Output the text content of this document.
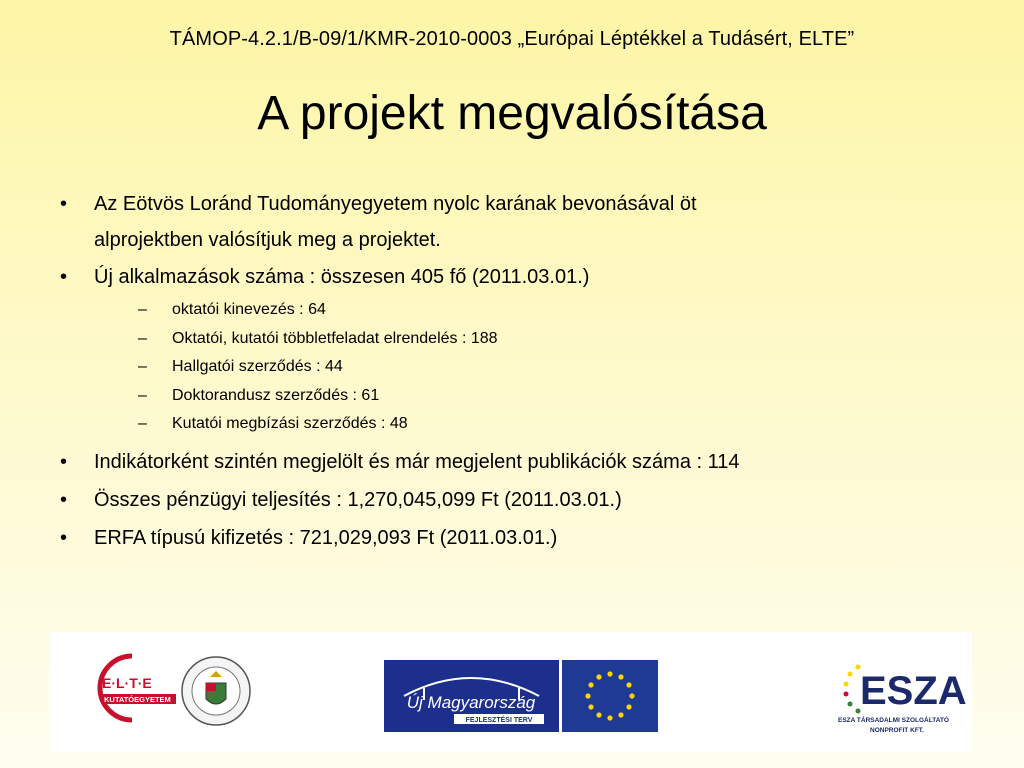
TÁMOP-4.2.1/B-09/1/KMR-2010-0003 „Európai Léptékkel a Tudásért, ELTE”
A projekt megvalósítása
• Az Eötvös Loránd Tudományegyetem nyolc karának bevonásával öt
alprojektben valósítjuk meg a projektet.
• Új alkalmazások száma : összesen 405 fő (2011.03.01.)
– oktatói kinevezés : 64
– Oktatói, kutatói többletfeladat elrendelés : 188
– Hallgatói szerződés : 44
– Doktorandusz szerződés : 61
– Kutatói megbízási szerződés : 48
• Indikátorként szintén megjelölt és már megjelent publikációk száma : 114
• Összes pénzügyi teljesítés : 1,270,045,099 Ft (2011.03.01.)
• ERFA típusú kifizetés : 721,029,093 Ft (2011.03.01.)
E·L·T·E
KUTATÓEGYETEM	Új Magyarország
FEJLESZTÉSI TERV
ESZA
ESZA TÁRSADALMI SZOLGÁLTATÓ
NONPROFIT KFT.
